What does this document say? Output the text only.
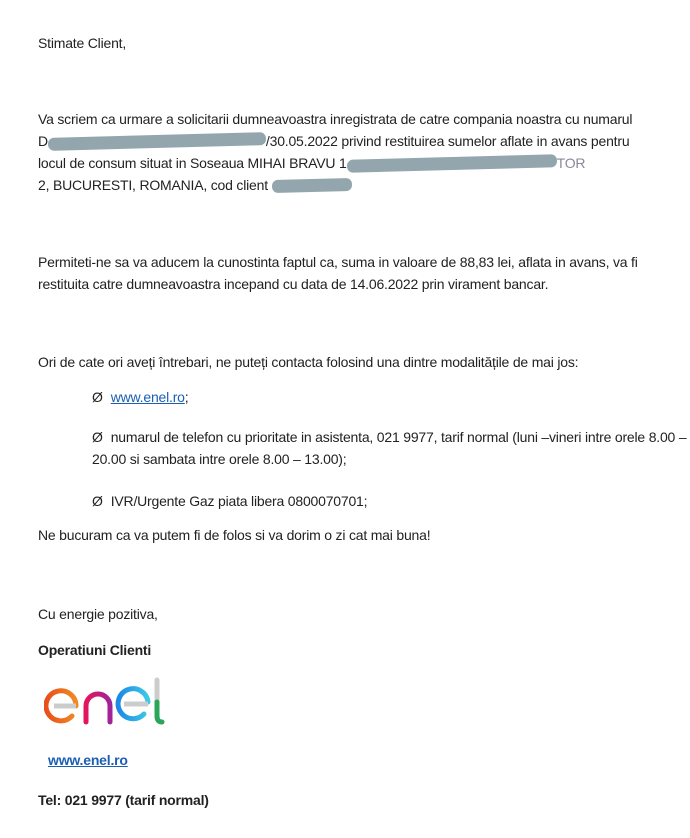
Stimate Client,
Va scriem ca urmare a solicitarii dumneavoastra inregistrata de catre compania noastra cu numarul
D	/30.05.2022 privind restituirea sumelor aflate in avans pentru
locul de consum situat in Soseaua MIHAI BRAVU 1	TOR
2, BUCURESTI, ROMANIA, cod client
Permiteti-ne sa va aducem la cunostinta faptul ca, suma in valoare de 88,83 lei, aflata in avans, va fi restituita catre dumneavoastra incepand cu data de 14.06.2022 prin virament bancar.
Ori de cate ori aveți întrebari, ne puteți contacta folosind una dintre modalitățile de mai jos:
Ø www.enel.ro;
Ø numarul de telefon cu prioritate in asistenta, 021 9977, tarif normal (luni –vineri intre orele 8.00 – 20.00 si sambata intre orele 8.00 – 13.00);
Ø IVR/Urgente Gaz piata libera 0800070701;
Ne bucuram ca va putem fi de folos si va dorim o zi cat mai buna!
Cu energie pozitiva,
Operatiuni Clienti
www.enel.ro
Tel: 021 9977 (tarif normal)
